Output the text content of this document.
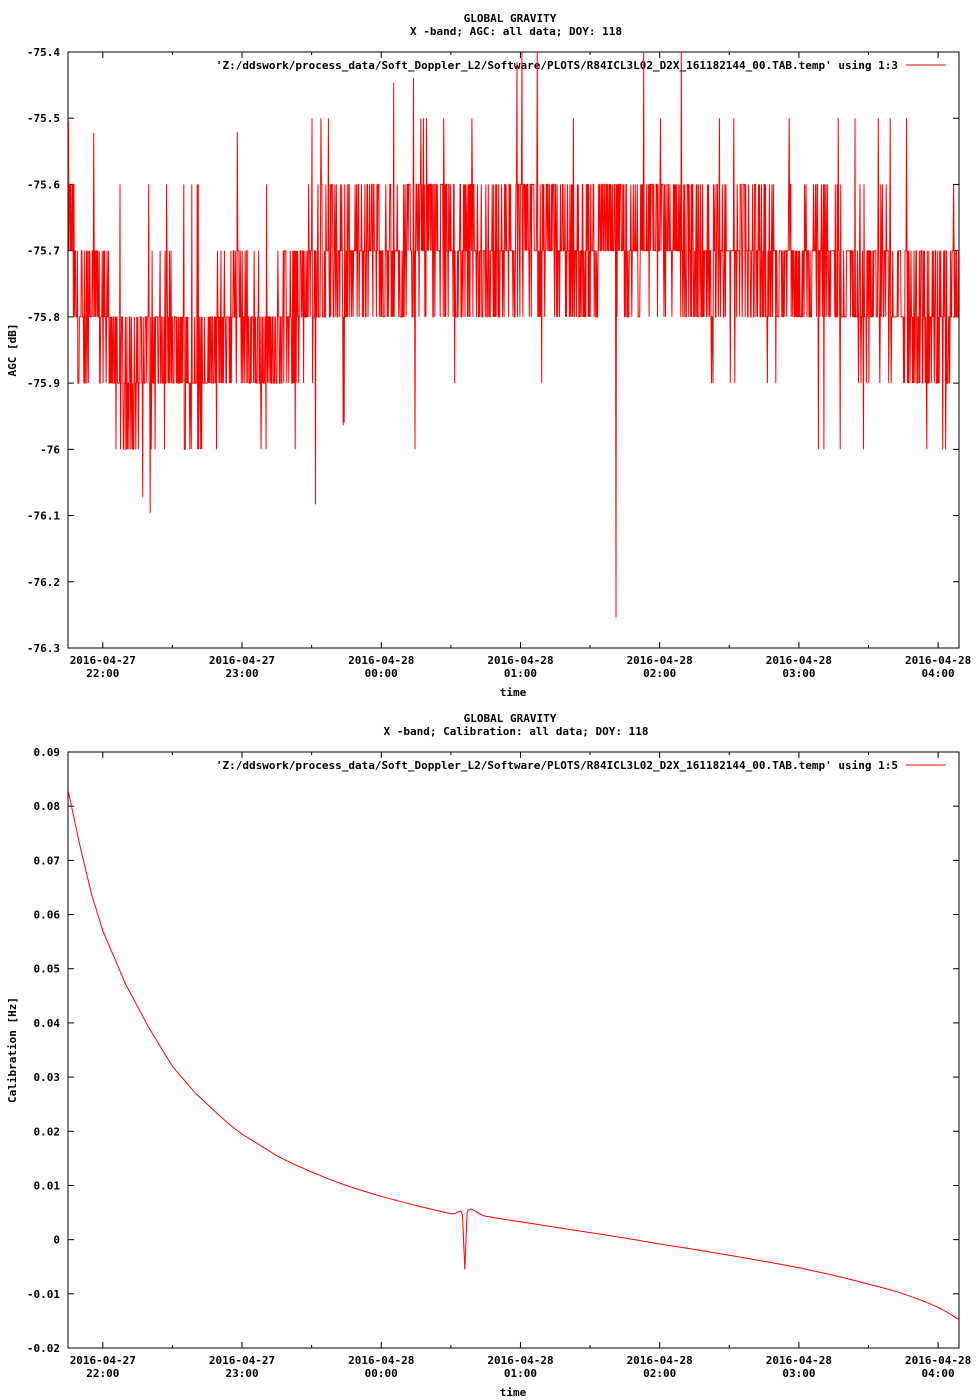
GLOBAL GRAVITY
X -band; AGC: all data; DOY: 118
AGC [dB]
time
'Z:/ddswork/process_data/Soft_Doppler_L2/Software/PLOTS/R84ICL3L02_D2X_161182144_00.TAB.temp' using 1:3
-75.4
-75.5
-75.6
-75.7
-75.8
-75.9
-76
-76.1
-76.2
-76.3
2016-04-27
22:00
2016-04-27
23:00
2016-04-28
00:00
2016-04-28
01:00
2016-04-28
02:00
2016-04-28
03:00
2016-04-28
04:00
GLOBAL GRAVITY
X -band; Calibration: all data; DOY: 118
Calibration [Hz]
time
'Z:/ddswork/process_data/Soft_Doppler_L2/Software/PLOTS/R84ICL3L02_D2X_161182144_00.TAB.temp' using 1:5
0.09
0.08
0.07
0.06
0.05
0.04
0.03
0.02
0.01
0
-0.01
-0.02
2016-04-27
22:00
2016-04-27
23:00
2016-04-28
00:00
2016-04-28
01:00
2016-04-28
02:00
2016-04-28
03:00
2016-04-28
04:00
